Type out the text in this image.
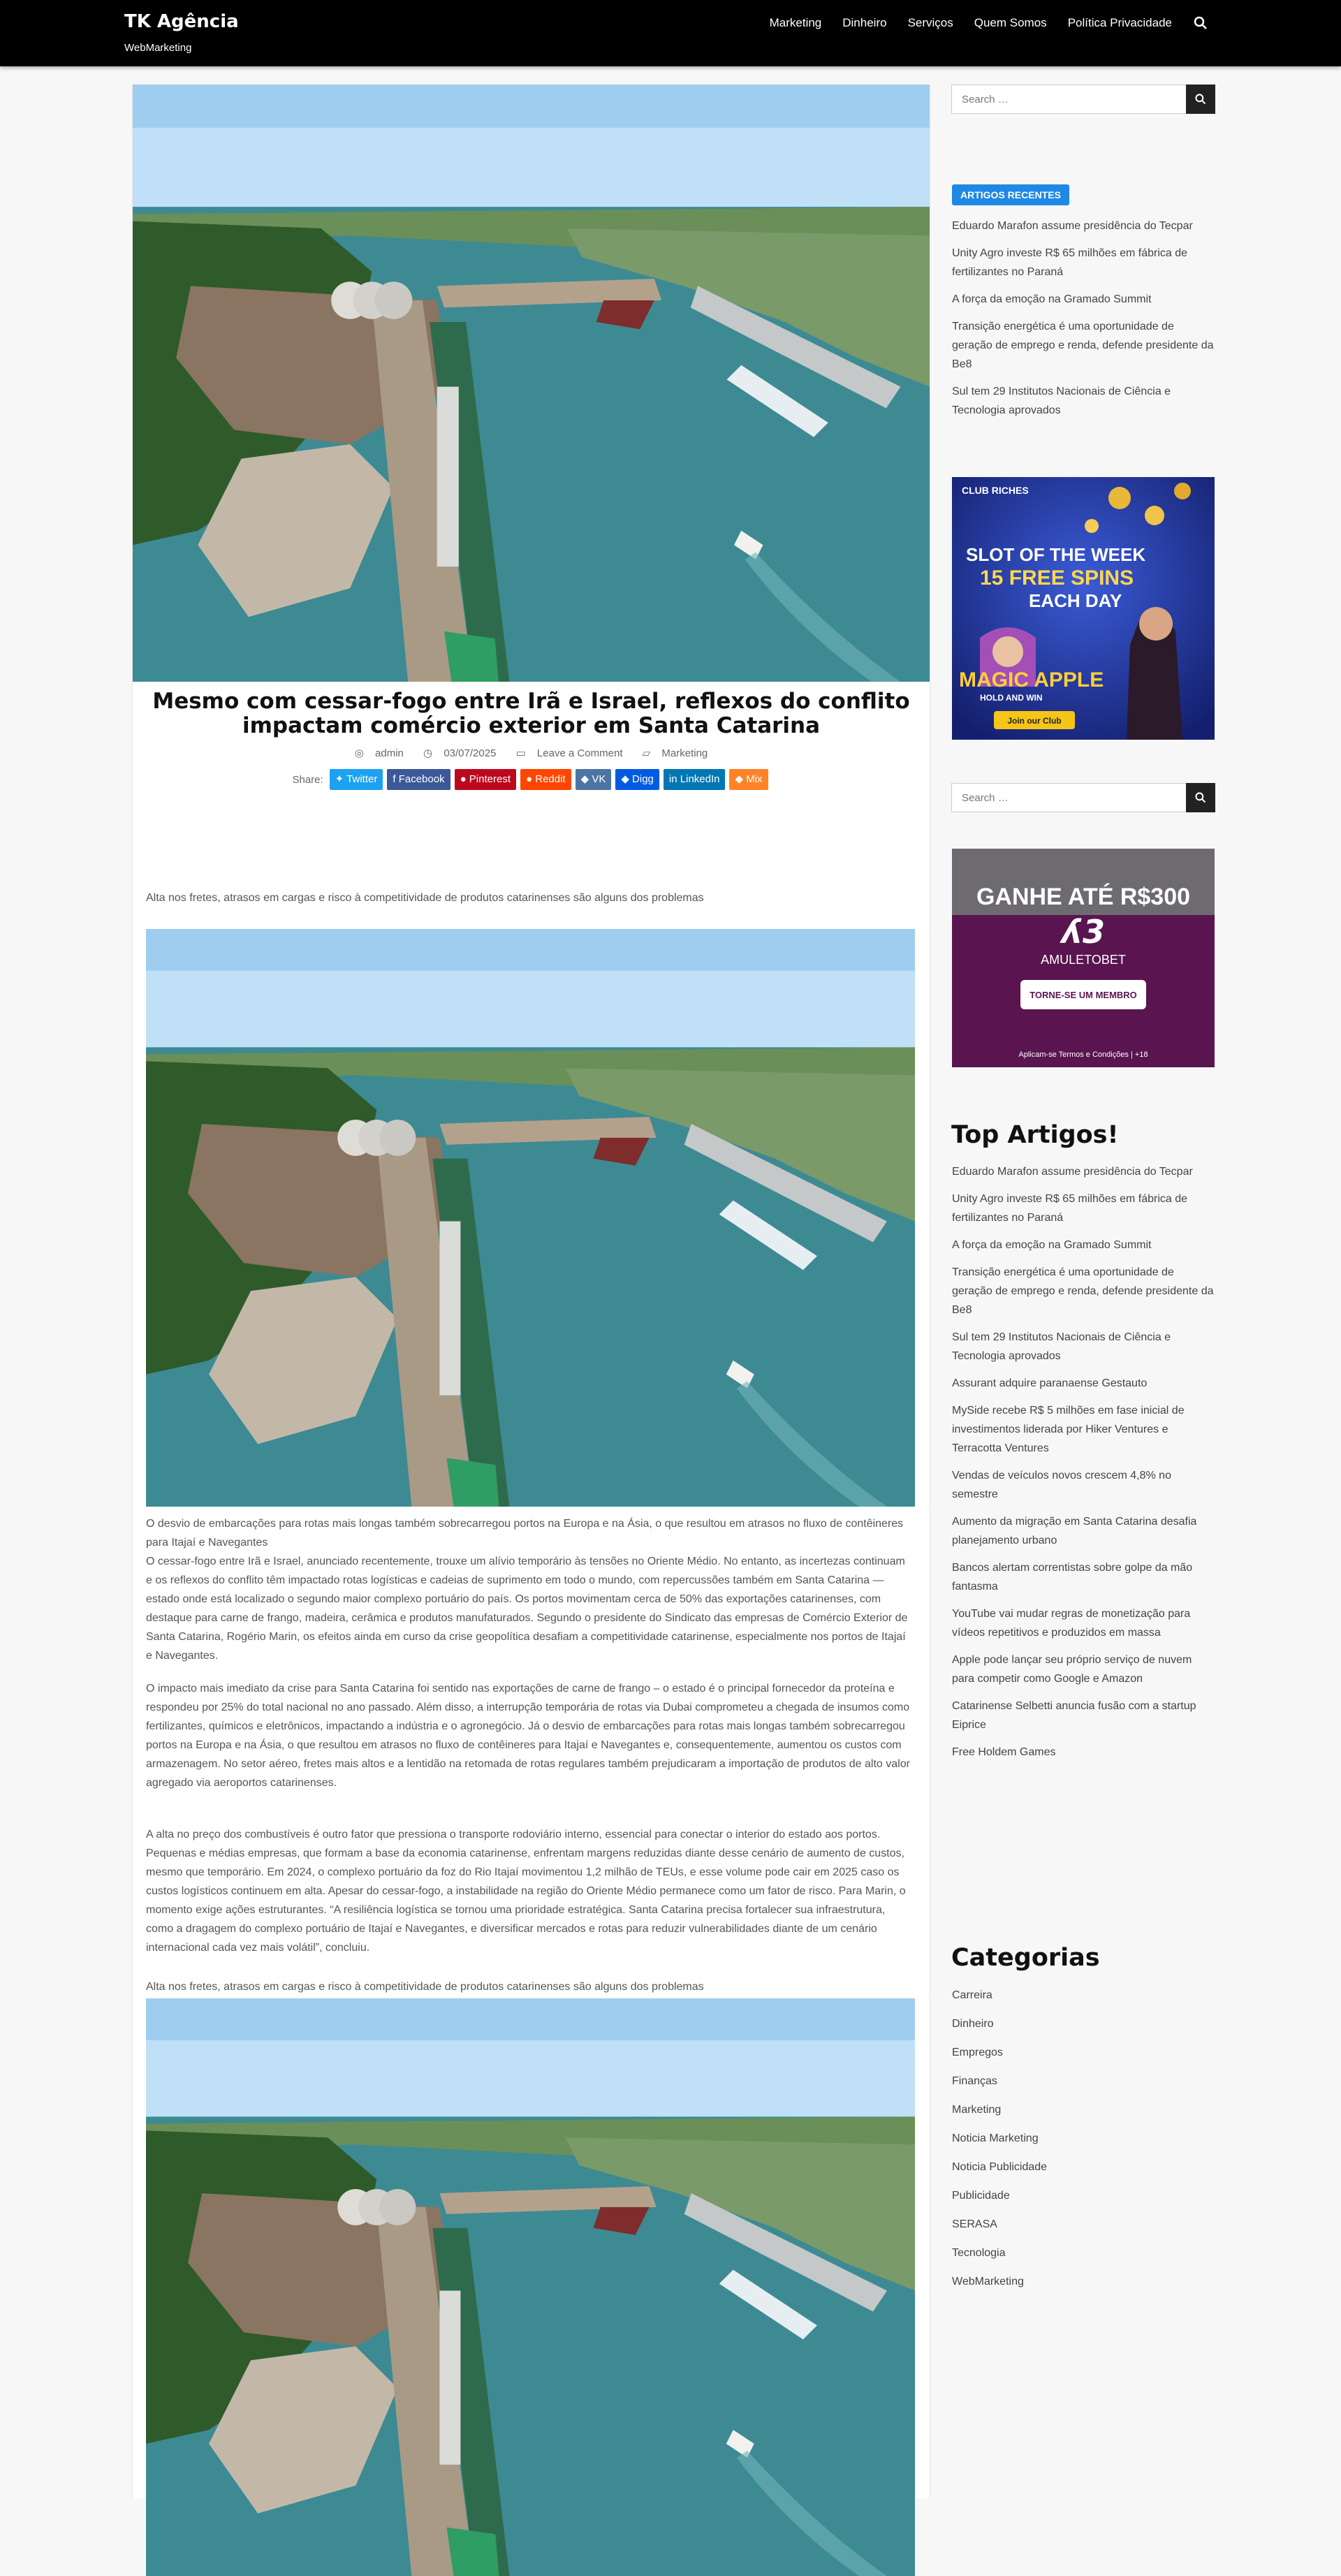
TK Agência

WebMarketing

Marketing Dinheiro Serviços Quem Somos Política Privacidade
Mesmo com cessar-fogo entre Irã e Israel, reflexos do conflito impactam comércio exterior em Santa Catarina
◎ admin ◷ 03/07/2025 ▭ Leave a Comment ▱ Marketing
Share:	✦ Twitter	f Facebook	● Pinterest	● Reddit	◆ VK	◆ Digg	in LinkedIn	◆ Mix

Alta nos fretes, atrasos em cargas e risco à competitividade de produtos catarinenses são alguns dos problemas

O desvio de embarcações para rotas mais longas também sobrecarregou portos na Europa e na Ásia, o que resultou em atrasos no fluxo de contêineres para Itajaí e Navegantes

O cessar-fogo entre Irã e Israel, anunciado recentemente, trouxe um alívio temporário às tensões no Oriente Médio. No entanto, as incertezas continuam e os reflexos do conflito têm impactado rotas logísticas e cadeias de suprimento em todo o mundo, com repercussões também em Santa Catarina — estado onde está localizado o segundo maior complexo portuário do país. Os portos movimentam cerca de 50% das exportações catarinenses, com destaque para carne de frango, madeira, cerâmica e produtos manufaturados. Segundo o presidente do Sindicato das empresas de Comércio Exterior de Santa Catarina, Rogério Marin, os efeitos ainda em curso da crise geopolítica desafiam a competitividade catarinense, especialmente nos portos de Itajaí e Navegantes.

O impacto mais imediato da crise para Santa Catarina foi sentido nas exportações de carne de frango – o estado é o principal fornecedor da proteína e respondeu por 25% do total nacional no ano passado. Além disso, a interrupção temporária de rotas via Dubai comprometeu a chegada de insumos como fertilizantes, químicos e eletrônicos, impactando a indústria e o agronegócio. Já o desvio de embarcações para rotas mais longas também sobrecarregou portos na Europa e na Ásia, o que resultou em atrasos no fluxo de contêineres para Itajaí e Navegantes e, consequentemente, aumentou os custos com armazenagem. No setor aéreo, fretes mais altos e a lentidão na retomada de rotas regulares também prejudicaram a importação de produtos de alto valor agregado via aeroportos catarinenses.

A alta no preço dos combustíveis é outro fator que pressiona o transporte rodoviário interno, essencial para conectar o interior do estado aos portos. Pequenas e médias empresas, que formam a base da economia catarinense, enfrentam margens reduzidas diante desse cenário de aumento de custos, mesmo que temporário. Em 2024, o complexo portuário da foz do Rio Itajaí movimentou 1,2 milhão de TEUs, e esse volume pode cair em 2025 caso os custos logísticos continuem em alta. Apesar do cessar-fogo, a instabilidade na região do Oriente Médio permanece como um fator de risco. Para Marin, o momento exige ações estruturantes. “A resiliência logística se tornou uma prioridade estratégica. Santa Catarina precisa fortalecer sua infraestrutura, como a dragagem do complexo portuário de Itajaí e Navegantes, e diversificar mercados e rotas para reduzir vulnerabilidades diante de um cenário internacional cada vez mais volátil”, concluiu.

Alta nos fretes, atrasos em cargas e risco à competitividade de produtos catarinenses são alguns dos problemas

Search …
ARTIGOS RECENTES

Eduardo Marafon assume presidência do Tecpar

Unity Agro investe R$ 65 milhões em fábrica de fertilizantes no Paraná

A força da emoção na Gramado Summit

Transição energética é uma oportunidade de geração de emprego e renda, defende presidente da Be8

Sul tem 29 Institutos Nacionais de Ciência e Tecnologia aprovados

CLUB RICHES
SLOT OF THE WEEK
15 FREE SPINS
EACH DAY
MAGIC APPLE
HOLD AND WIN
Join our Club
Search …
GANHE ATÉ R$300
ʎ3
AMULETOBET
TORNE-SE UM MEMBRO
Aplicam-se Termos e Condições | +18
Top Artigos!

Eduardo Marafon assume presidência do Tecpar

Unity Agro investe R$ 65 milhões em fábrica de fertilizantes no Paraná

A força da emoção na Gramado Summit

Transição energética é uma oportunidade de geração de emprego e renda, defende presidente da Be8

Sul tem 29 Institutos Nacionais de Ciência e Tecnologia aprovados

Assurant adquire paranaense Gestauto

MySide recebe R$ 5 milhões em fase inicial de investimentos liderada por Hiker Ventures e Terracotta Ventures

Vendas de veículos novos crescem 4,8% no semestre

Aumento da migração em Santa Catarina desafia planejamento urbano

Bancos alertam correntistas sobre golpe da mão fantasma

YouTube vai mudar regras de monetização para vídeos repetitivos e produzidos em massa

Apple pode lançar seu próprio serviço de nuvem para competir como Google e Amazon

Catarinense Selbetti anuncia fusão com a startup Eiprice

Free Holdem Games

Categorias

Carreira

Dinheiro

Empregos

Finanças

Marketing

Noticia Marketing

Noticia Publicidade

Publicidade

SERASA

Tecnologia

WebMarketing
